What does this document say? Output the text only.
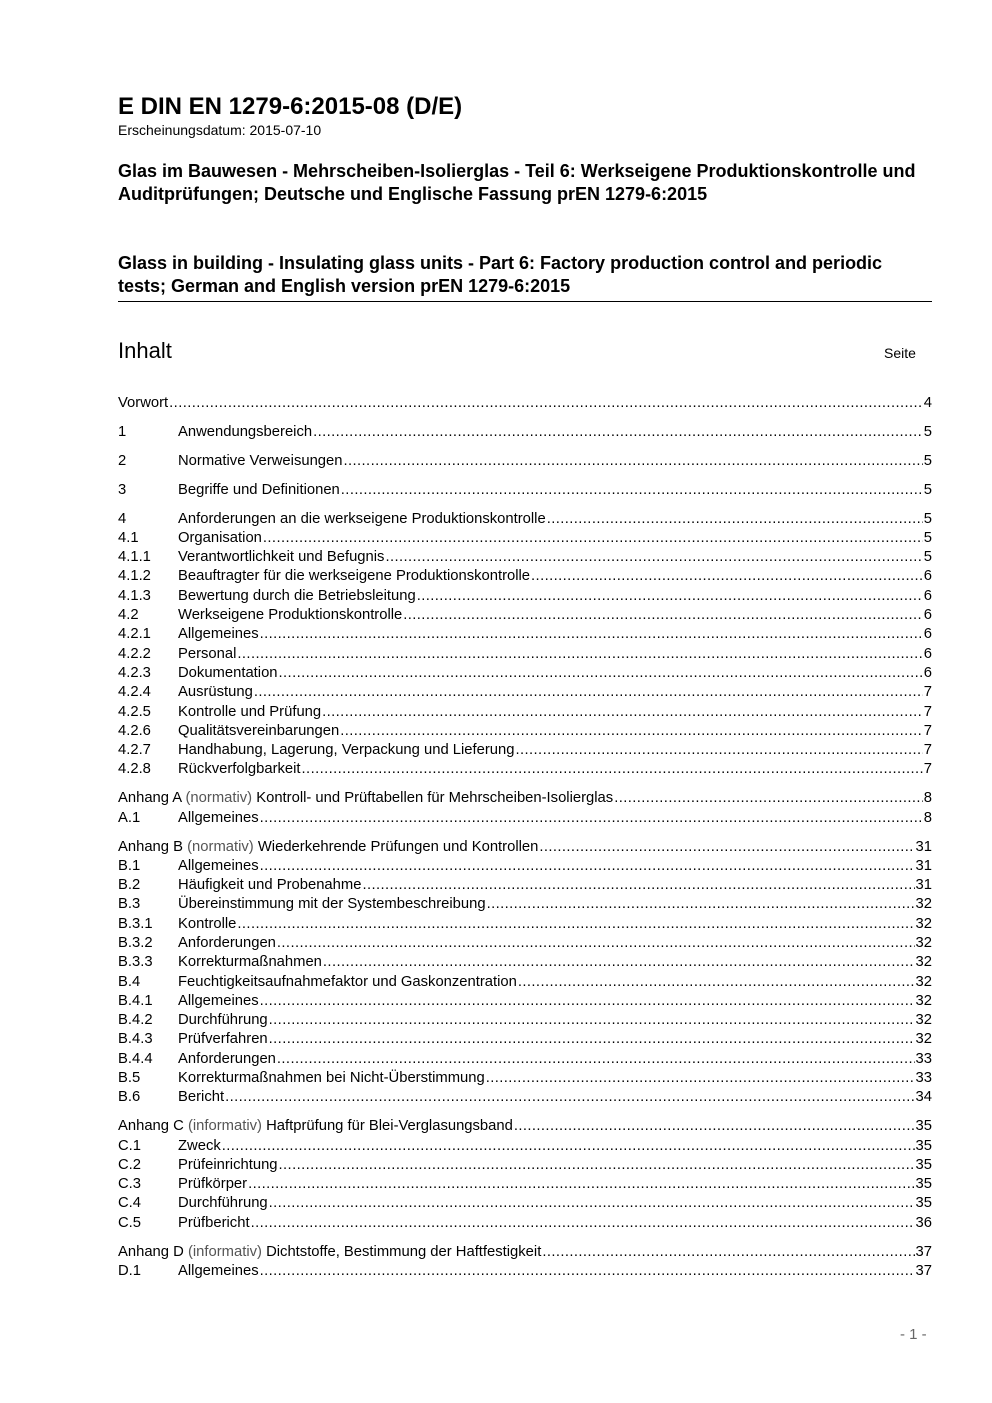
E DIN EN 1279-6:2015-08 (D/E)
Erscheinungsdatum: 2015-07-10
Glas im Bauwesen - Mehrscheiben-Isolierglas - Teil 6: Werkseigene Produktionskontrolle und Auditprüfungen; Deutsche und Englische Fassung prEN 1279-6:2015
Glass in building - Insulating glass units - Part 6: Factory production control and periodic tests; German and English version prEN 1279-6:2015
Inhalt	Seite
Vorwort .....	4
1	Anwendungsbereich .....	5
2	Normative Verweisungen .....	5
3	Begriffe und Definitionen .....	5
4	Anforderungen an die werkseigene Produktionskontrolle .....	5
4.1	Organisation .....	5
4.1.1	Verantwortlichkeit und Befugnis .....	5
4.1.2	Beauftragter für die werkseigene Produktionskontrolle .....	6
4.1.3	Bewertung durch die Betriebsleitung .....	6
4.2	Werkseigene Produktionskontrolle .....	6
4.2.1	Allgemeines .....	6
4.2.2	Personal .....	6
4.2.3	Dokumentation .....	6
4.2.4	Ausrüstung .....	7
4.2.5	Kontrolle und Prüfung .....	7
4.2.6	Qualitätsvereinbarungen .....	7
4.2.7	Handhabung, Lagerung, Verpackung und Lieferung .....	7
4.2.8	Rückverfolgbarkeit .....	7
Anhang A (normativ) Kontroll- und Prüftabellen für Mehrscheiben-Isolierglas .....	8
A.1	Allgemeines .....	8
Anhang B (normativ) Wiederkehrende Prüfungen und Kontrollen .....	31
B.1	Allgemeines .....	31
B.2	Häufigkeit und Probenahme .....	31
B.3	Übereinstimmung mit der Systembeschreibung .....	32
B.3.1	Kontrolle .....	32
B.3.2	Anforderungen .....	32
B.3.3	Korrekturmaßnahmen .....	32
B.4	Feuchtigkeitsaufnahmefaktor und Gaskonzentration .....	32
B.4.1	Allgemeines .....	32
B.4.2	Durchführung .....	32
B.4.3	Prüfverfahren .....	32
B.4.4	Anforderungen .....	33
B.5	Korrekturmaßnahmen bei Nicht-Überstimmung .....	33
B.6	Bericht .....	34
Anhang C (informativ) Haftprüfung für Blei-Verglasungsband .....	35
C.1	Zweck .....	35
C.2	Prüfeinrichtung .....	35
C.3	Prüfkörper .....	35
C.4	Durchführung .....	35
C.5	Prüfbericht .....	36
Anhang D (informativ) Dichtstoffe, Bestimmung der Haftfestigkeit .....	37
D.1	Allgemeines .....	37
- 1 -
